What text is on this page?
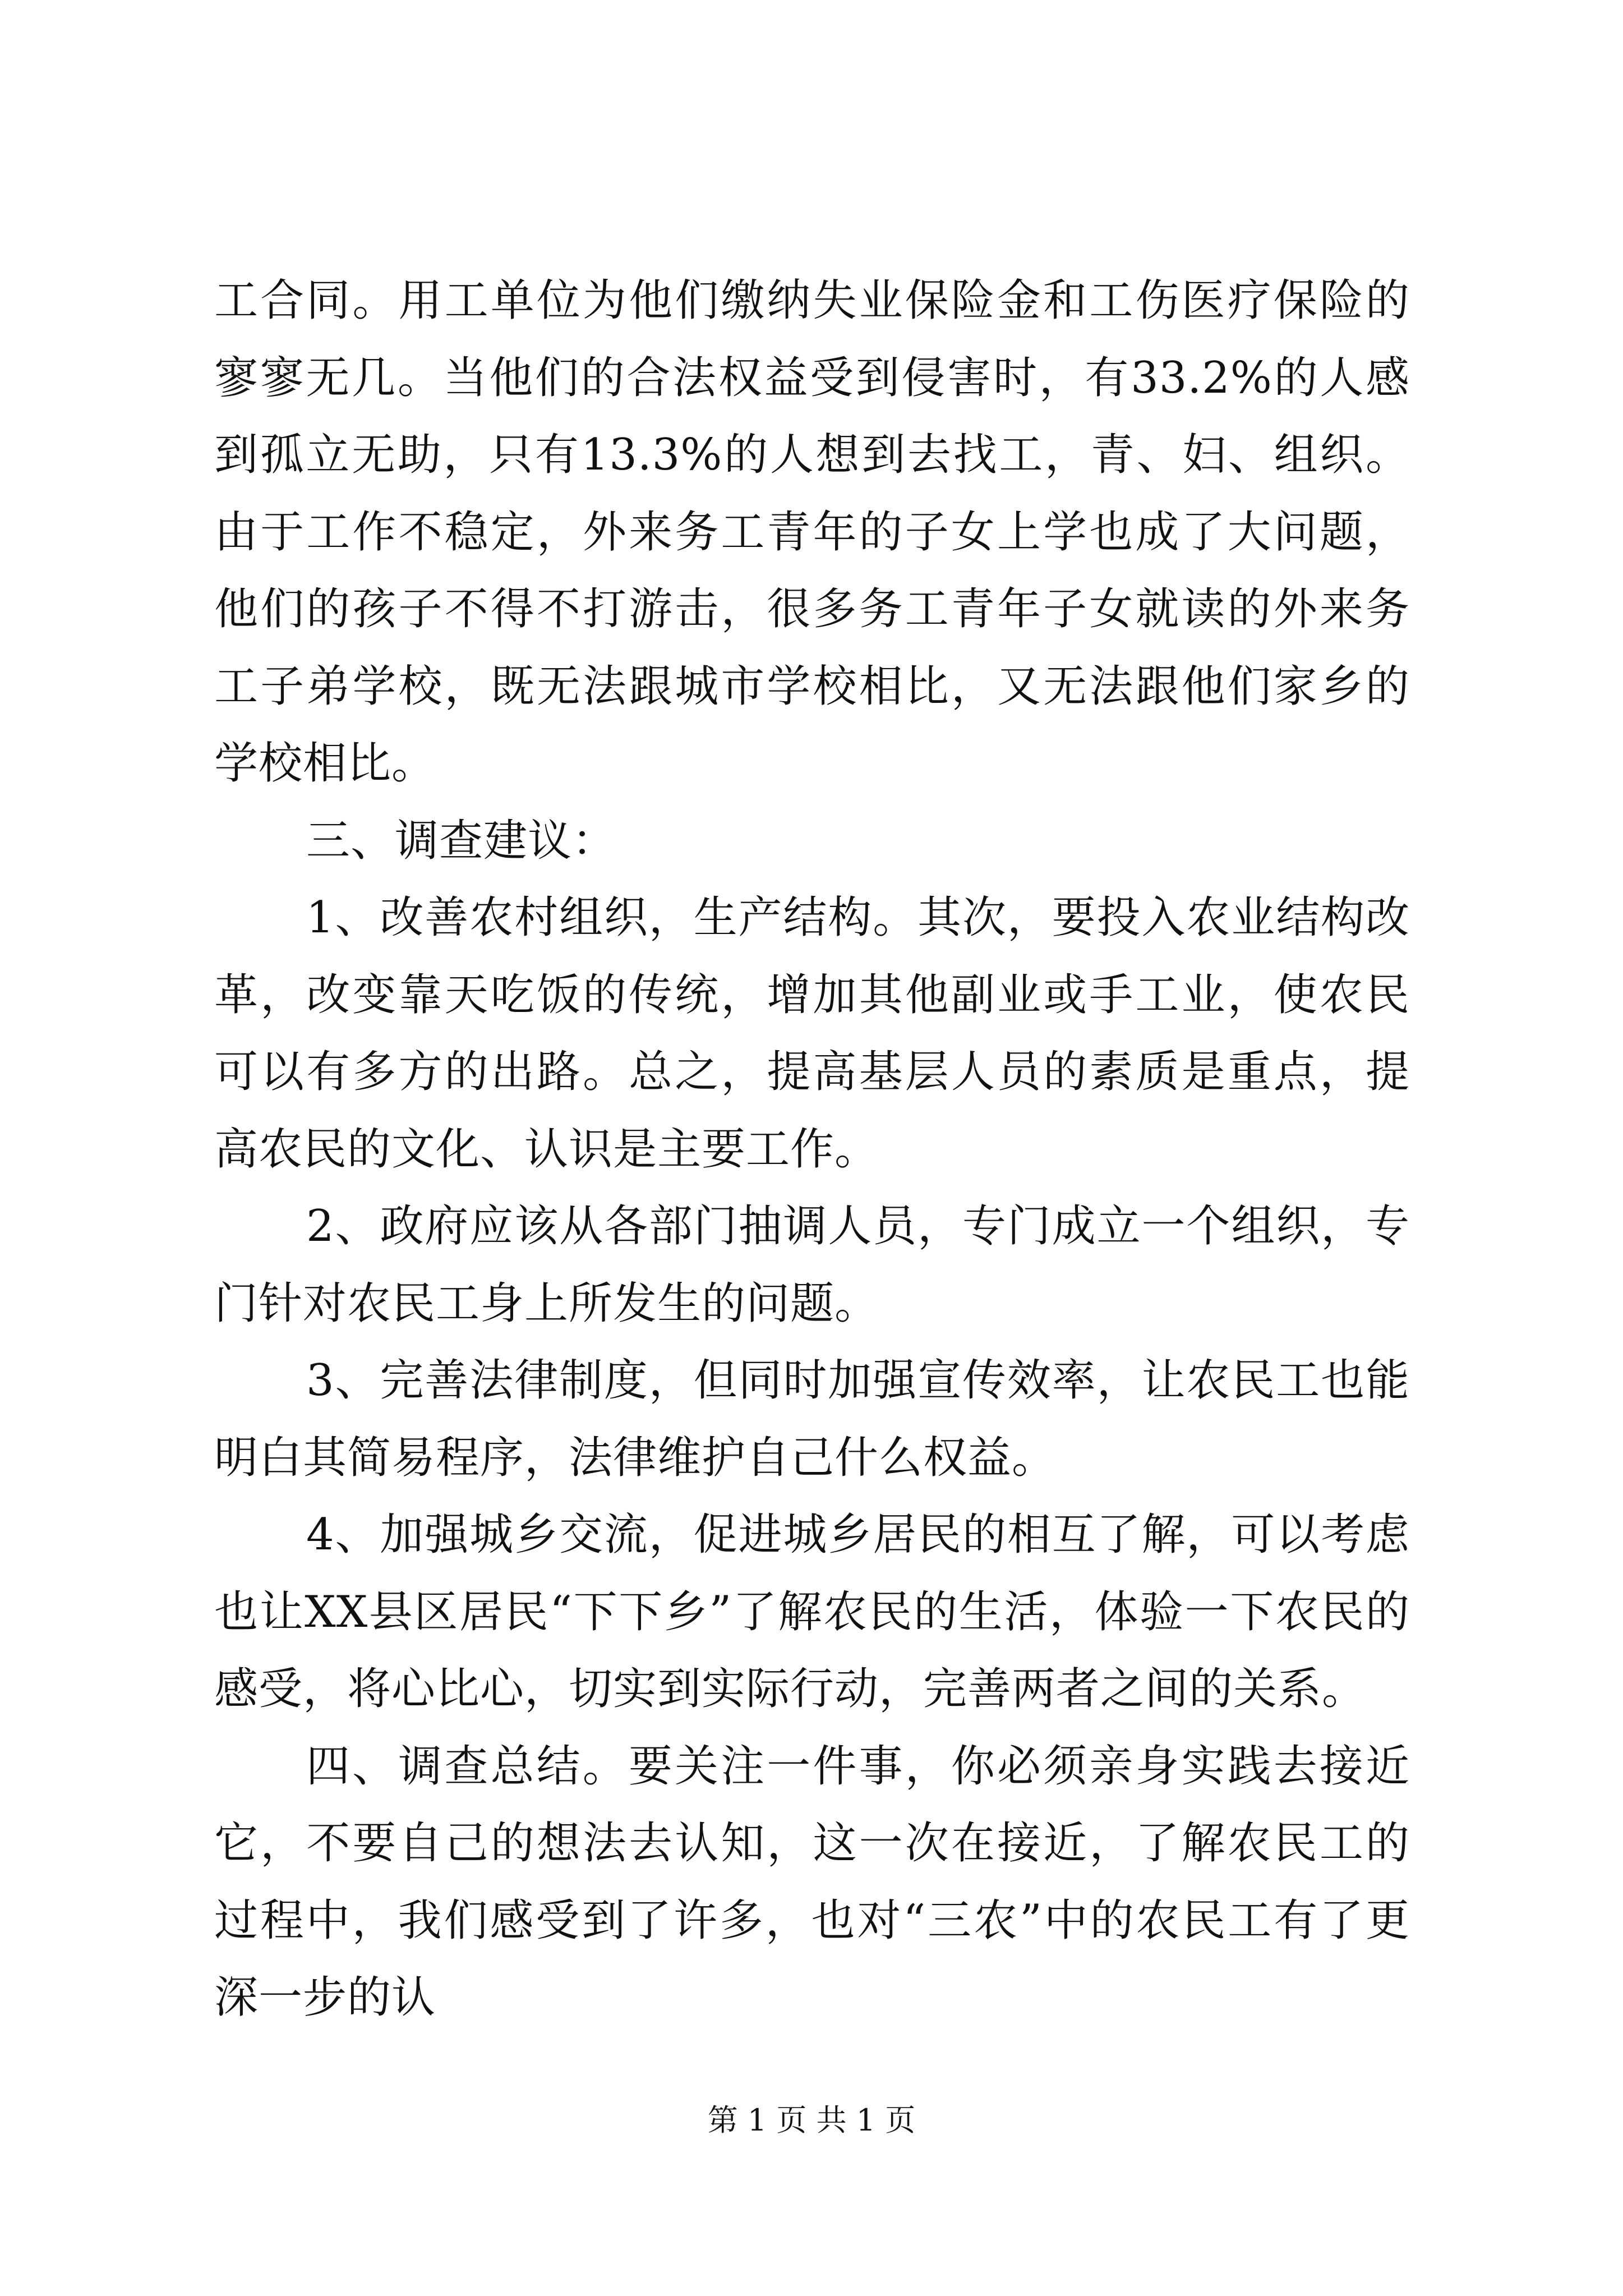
工合同。用工单位为他们缴纳失业保险金和工伤医疗保险的寥寥无几。当他们的合法权益受到侵害时，有33.2%的人感到孤立无助，只有13.3%的人想到去找工，青、妇、组织。由于工作不稳定，外来务工青年的子女上学也成了大问题，他们的孩子不得不打游击，很多务工青年子女就读的外来务工子弟学校，既无法跟城市学校相比，又无法跟他们家乡的学校相比。

三、调查建议：

1、改善农村组织，生产结构。其次，要投入农业结构改革，改变靠天吃饭的传统，增加其他副业或手工业，使农民可以有多方的出路。总之，提高基层人员的素质是重点，提高农民的文化、认识是主要工作。

2、政府应该从各部门抽调人员，专门成立一个组织，专门针对农民工身上所发生的问题。

3、完善法律制度，但同时加强宣传效率，让农民工也能明白其简易程序，法律维护自己什么权益。

4、加强城乡交流，促进城乡居民的相互了解，可以考虑也让XX县区居民“下下乡”了解农民的生活，体验一下农民的感受，将心比心，切实到实际行动，完善两者之间的关系。

四、调查总结。要关注一件事，你必须亲身实践去接近它，不要自己的想法去认知，这一次在接近，了解农民工的过程中，我们感受到了许多，也对“三农”中的农民工有了更深一步的认

第 1 页 共 1 页
